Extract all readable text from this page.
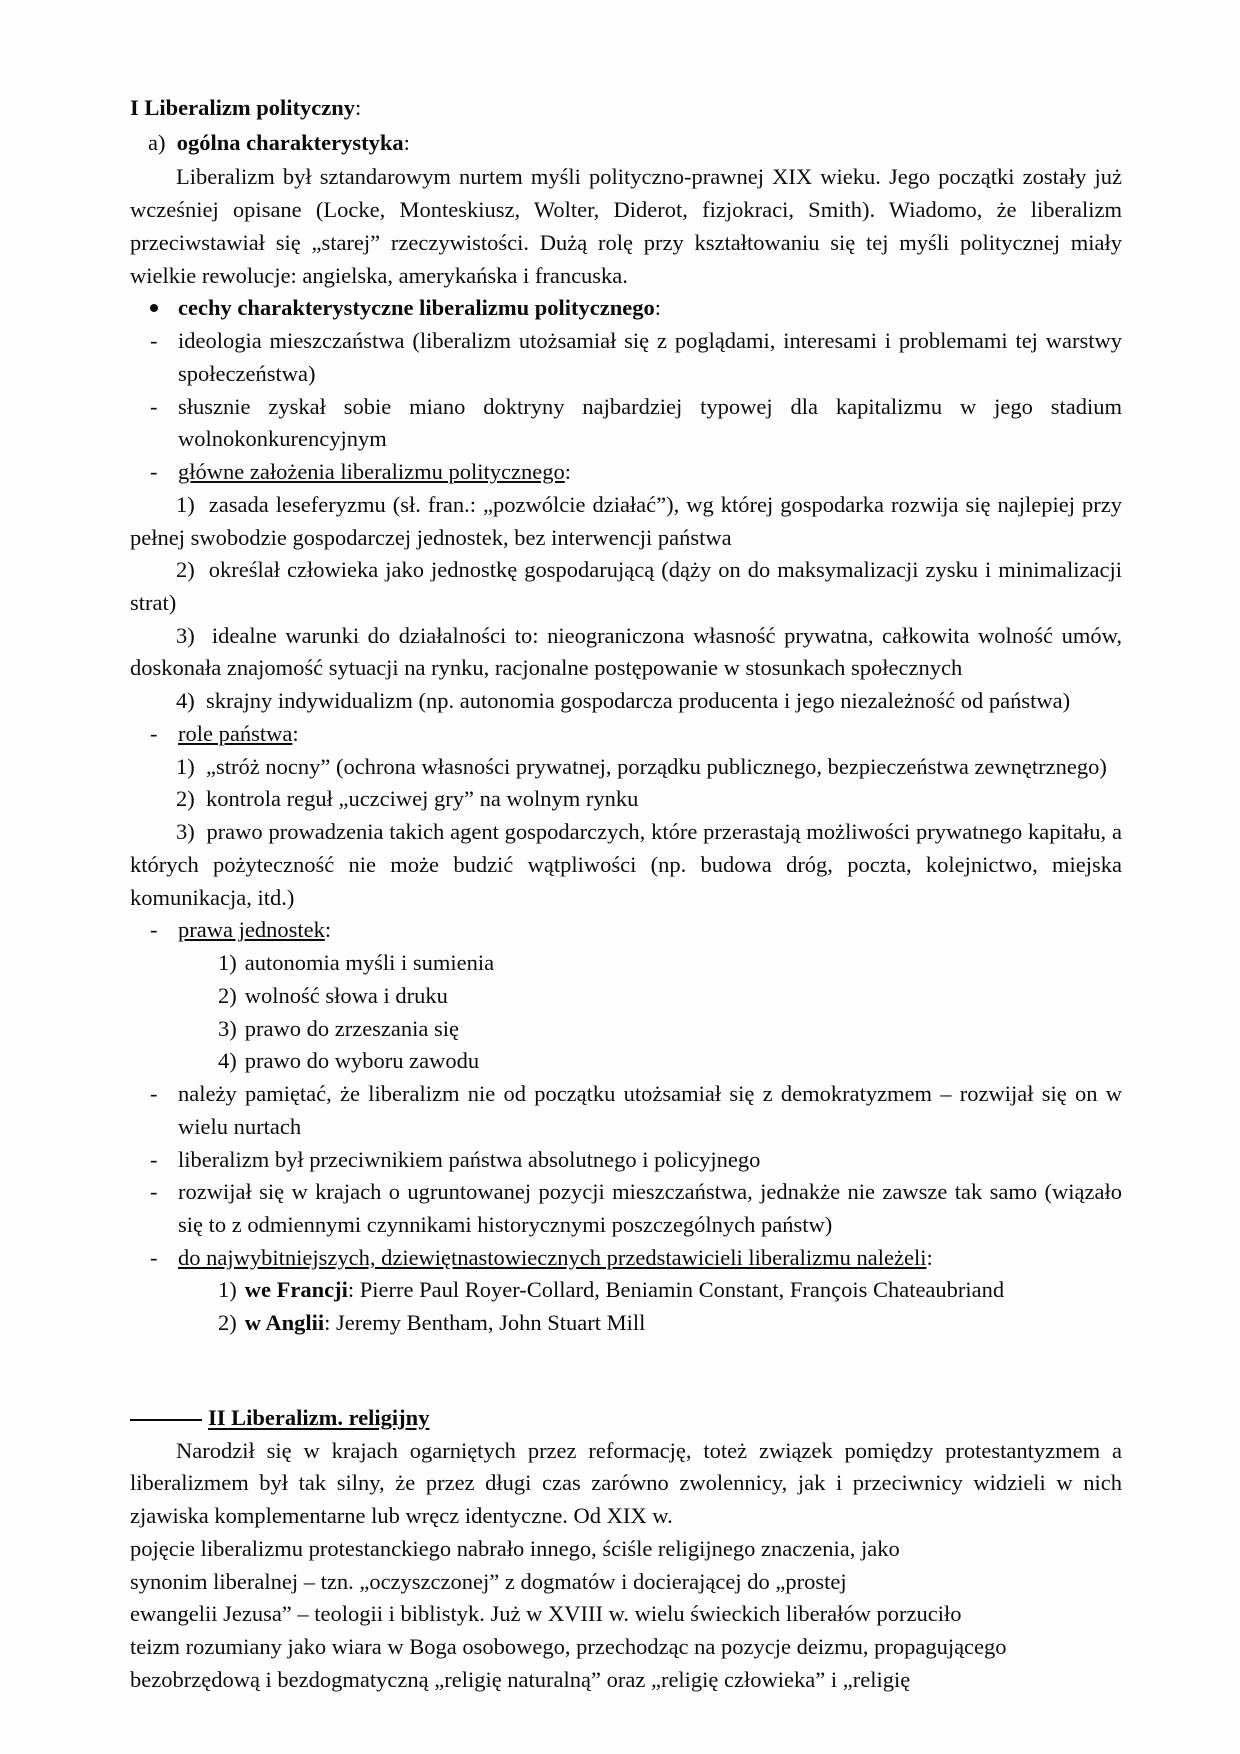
I Liberalizm polityczny:
a) ogólna charakterystyka:

Liberalizm był sztandarowym nurtem myśli polityczno-prawnej XIX wieku. Jego początki zostały już wcześniej opisane (Locke, Monteskiusz, Wolter, Diderot, fizjokraci, Smith). Wiadomo, że liberalizm przeciwstawiał się „starej” rzeczywistości. Dużą rolę przy kształtowaniu się tej myśli politycznej miały wielkie rewolucje: angielska, amerykańska i francuska.

cechy charakterystyczne liberalizmu politycznego:
- ideologia mieszczaństwa (liberalizm utożsamiał się z poglądami, interesami i problemami tej warstwy społeczeństwa)
- słusznie zyskał sobie miano doktryny najbardziej typowej dla kapitalizmu w jego stadium wolnokonkurencyjnym
- główne założenia liberalizmu politycznego:

1) zasada leseferyzmu (sł. fran.: „pozwólcie działać”), wg której gospodarka rozwija się najlepiej przy pełnej swobodzie gospodarczej jednostek, bez interwencji państwa

2) określał człowieka jako jednostkę gospodarującą (dąży on do maksymalizacji zysku i minimalizacji strat)

3) idealne warunki do działalności to: nieograniczona własność prywatna, całkowita wolność umów, doskonała znajomość sytuacji na rynku, racjonalne postępowanie w stosunkach społecznych

4) skrajny indywidualizm (np. autonomia gospodarcza producenta i jego niezależność od państwa)

- role państwa:

1) „stróż nocny” (ochrona własności prywatnej, porządku publicznego, bezpieczeństwa zewnętrznego)

2) kontrola reguł „uczciwej gry” na wolnym rynku

3) prawo prowadzenia takich agent gospodarczych, które przerastają możliwości prywatnego kapitału, a których pożyteczność nie może budzić wątpliwości (np. budowa dróg, poczta, kolejnictwo, miejska komunikacja, itd.)

- prawa jednostek:

1) autonomia myśli i sumienia

2) wolność słowa i druku

3) prawo do zrzeszania się

4) prawo do wyboru zawodu

- należy pamiętać, że liberalizm nie od początku utożsamiał się z demokratyzmem – rozwijał się on w wielu nurtach
- liberalizm był przeciwnikiem państwa absolutnego i policyjnego
- rozwijał się w krajach o ugruntowanej pozycji mieszczaństwa, jednakże nie zawsze tak samo (wiązało się to z odmiennymi czynnikami historycznymi poszczególnych państw)
- do najwybitniejszych, dziewiętnastowiecznych przedstawicieli liberalizmu należeli:

1) we Francji: Pierre Paul Royer-Collard, Beniamin Constant, François Chateaubriand

2) w Anglii: Jeremy Bentham, John Stuart Mill

II Liberalizm. religijny

Narodził się w krajach ogarniętych przez reformację, toteż związek pomiędzy protestantyzmem a liberalizmem był tak silny, że przez długi czas zarówno zwolennicy, jak i przeciwnicy widzieli w nich zjawiska komplementarne lub wręcz identyczne. Od XIX w.

pojęcie liberalizmu protestanckiego nabrało innego, ściśle religijnego znaczenia, jako

synonim liberalnej – tzn. „oczyszczonej” z dogmatów i docierającej do „prostej

ewangelii Jezusa” – teologii i biblistyk. Już w XVIII w. wielu świeckich liberałów porzuciło

teizm rozumiany jako wiara w Boga osobowego, przechodząc na pozycje deizmu, propagującego

bezobrzędową i bezdogmatyczną „religię naturalną” oraz „religię człowieka” i „religię
